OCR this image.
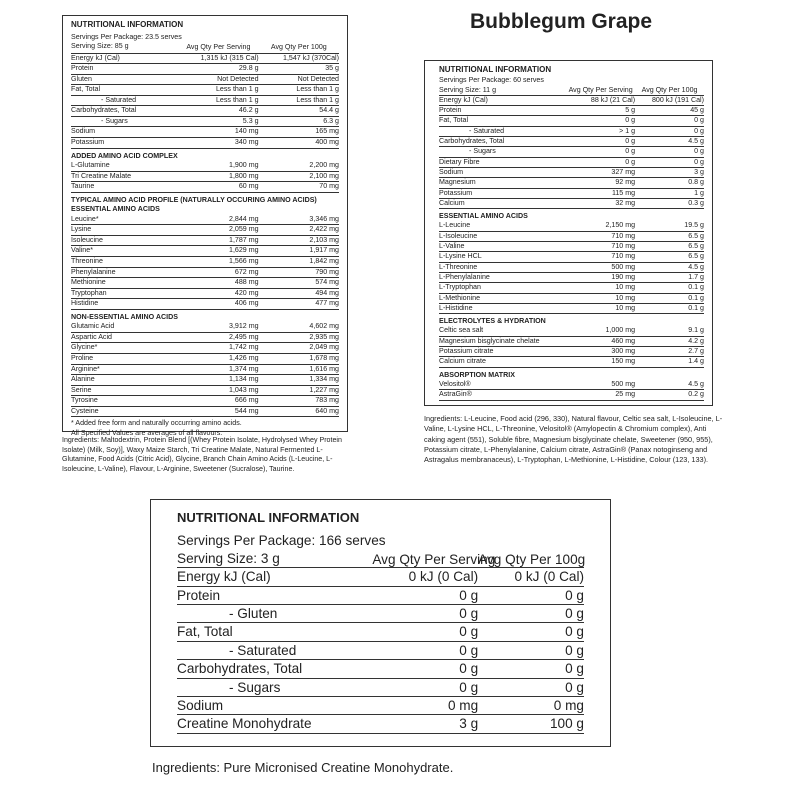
Bubblegum Grape
NUTRITIONAL INFORMATION
Servings Per Package: 23.5 serves
Serving Size: 85 g	Avg Qty Per Serving	Avg Qty Per 100g
Energy kJ (Cal)	1,315 kJ (315 Cal)	1,547 kJ (370Cal)
Protein	29.8 g	35 g
Gluten	Not Detected	Not Detected
Fat, Total	Less than 1 g	Less than 1 g
- Saturated	Less than 1 g	Less than 1 g
Carbohydrates, Total	46.2 g	54.4 g
- Sugars	5.3 g	6.3 g
Sodium	140 mg	165 mg
Potassium	340 mg	400 mg
ADDED AMINO ACID COMPLEX		
L-Glutamine	1,900 mg	2,200 mg
Tri Creatine Malate	1,800 mg	2,100 mg
Taurine	60 mg	70 mg
TYPICAL AMINO ACID PROFILE (NATURALLY OCCURING AMINO ACIDS)		
ESSENTIAL AMINO ACIDS		
Leucine*	2,844 mg	3,346 mg
Lysine	2,059 mg	2,422 mg
Isoleucine	1,787 mg	2,103 mg
Valine*	1,629 mg	1,917 mg
Threonine	1,566 mg	1,842 mg
Phenylalanine	672 mg	790 mg
Methionine	488 mg	574 mg
Tryptophan	420 mg	494 mg
Histidine	406 mg	477 mg
NON-ESSENTIAL AMINO ACIDS		
Glutamic Acid	3,912 mg	4,602 mg
Aspartic Acid	2,495 mg	2,935 mg
Glycine*	1,742 mg	2,049 mg
Proline	1,426 mg	1,678 mg
Arginine*	1,374 mg	1,616 mg
Alanine	1,134 mg	1,334 mg
Serine	1,043 mg	1,227 mg
Tyrosine	666 mg	783 mg
Cysteine	544 mg	640 mg
* Added free form and naturally occurring amino acids.
All Specified Values are averages of all flavours.
Ingredients: Maltodextrin, Protein Blend [(Whey Protein Isolate, Hydrolysed Whey Protein Isolate) (Milk, Soy)], Waxy Maize Starch, Tri Creatine Malate, Natural Fermented L-Glutamine, Food Acids (Citric Acid), Glycine, Branch Chain Amino Acids (L-Leucine, L-Isoleucine, L-Valine), Flavour, L-Arginine, Sweetener (Sucralose), Taurine.
NUTRITIONAL INFORMATION
Servings Per Package: 60 serves
Serving Size: 11 g	Avg Qty Per Serving	Avg Qty Per 100g
Energy kJ (Cal)	88 kJ (21 Cal)	800 kJ (191 Cal)
Protein	5 g	45 g
Fat, Total	0 g	0 g
- Saturated	> 1 g	0 g
Carbohydrates, Total	0 g	4.5 g
- Sugars	0 g	0 g
Dietary Fibre	0 g	0 g
Sodium	327 mg	3 g
Magnesium	92 mg	0.8 g
Potassium	115 mg	1 g
Calcium	32 mg	0.3 g
ESSENTIAL AMINO ACIDS		
L-Leucine	2,150 mg	19.5 g
L-Isoleucine	710 mg	6.5 g
L-Valine	710 mg	6.5 g
L-Lysine HCL	710 mg	6.5 g
L-Threonine	500 mg	4.5 g
L-Phenylalanine	190 mg	1.7 g
L-Tryptophan	10 mg	0.1 g
L-Methionine	10 mg	0.1 g
L-Histidine	10 mg	0.1 g
ELECTROLYTES & HYDRATION		
Celtic sea salt	1,000 mg	9.1 g
Magnesium bisglycinate chelate	460 mg	4.2 g
Potassium citrate	300 mg	2.7 g
Calcium citrate	150 mg	1.4 g
ABSORPTION MATRIX		
Velositol®	500 mg	4.5 g
AstraGin®	25 mg	0.2 g
Ingredients: L-Leucine, Food acid (296, 330), Natural flavour, Celtic sea salt, L-Isoleucine, L-Valine, L-Lysine HCL, L-Threonine, Velositol® (Amylopectin & Chromium complex), Anti caking agent (551), Soluble fibre, Magnesium bisglycinate chelate, Sweetener (950, 955), Potassium citrate, L-Phenylalanine, Calcium citrate, AstraGin® (Panax notoginseng and Astragalus membranaceus), L-Tryptophan, L-Methionine, L-Histidine, Colour (123, 133).
NUTRITIONAL INFORMATION
Servings Per Package: 166 serves
Serving Size: 3 g	Avg Qty Per Serving	Avg Qty Per 100g
Energy kJ (Cal)	0 kJ (0 Cal)	0 kJ (0 Cal)
Protein	0 g	0 g
- Gluten	0 g	0 g
Fat, Total	0 g	0 g
- Saturated	0 g	0 g
Carbohydrates, Total	0 g	0 g
- Sugars	0 g	0 g
Sodium	0 mg	0 mg
Creatine Monohydrate	3 g	100 g
Ingredients: Pure Micronised Creatine Monohydrate.
